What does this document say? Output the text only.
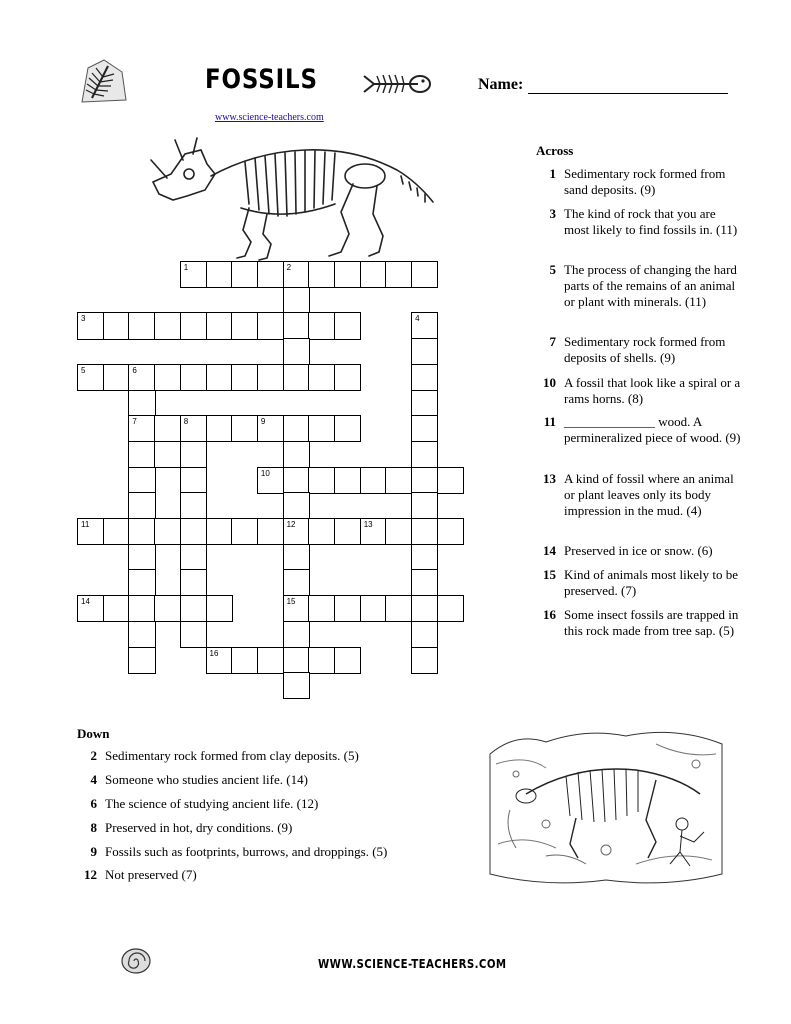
FOSSILS	Name:
www.science-teachers.com
1	2
3	4
5	6
7	8	9
10
11	12	13
14	15
16
Across
1 Sedimentary rock formed from sand deposits. (9)
3 The kind of rock that you are most likely to find fossils in. (11)
5 The process of changing the hard parts of the remains of an animal or plant with minerals. (11)
7 Sedimentary rock formed from deposits of shells. (9)
10 A fossil that look like a spiral or a rams horns. (8)
11 ______________ wood. A permineralized piece of wood. (9)
13 A kind of fossil where an animal or plant leaves only its body impression in the mud. (4)
14 Preserved in ice or snow. (6)
15 Kind of animals most likely to be preserved. (7)
16 Some insect fossils are trapped in this rock made from tree sap. (5)
Down
2 Sedimentary rock formed from clay deposits. (5)
4 Someone who studies ancient life. (14)
6 The science of studying ancient life. (12)
8 Preserved in hot, dry conditions. (9)
9 Fossils such as footprints, burrows, and droppings. (5)
12 Not preserved (7)
WWW.SCIENCE-TEACHERS.COM
